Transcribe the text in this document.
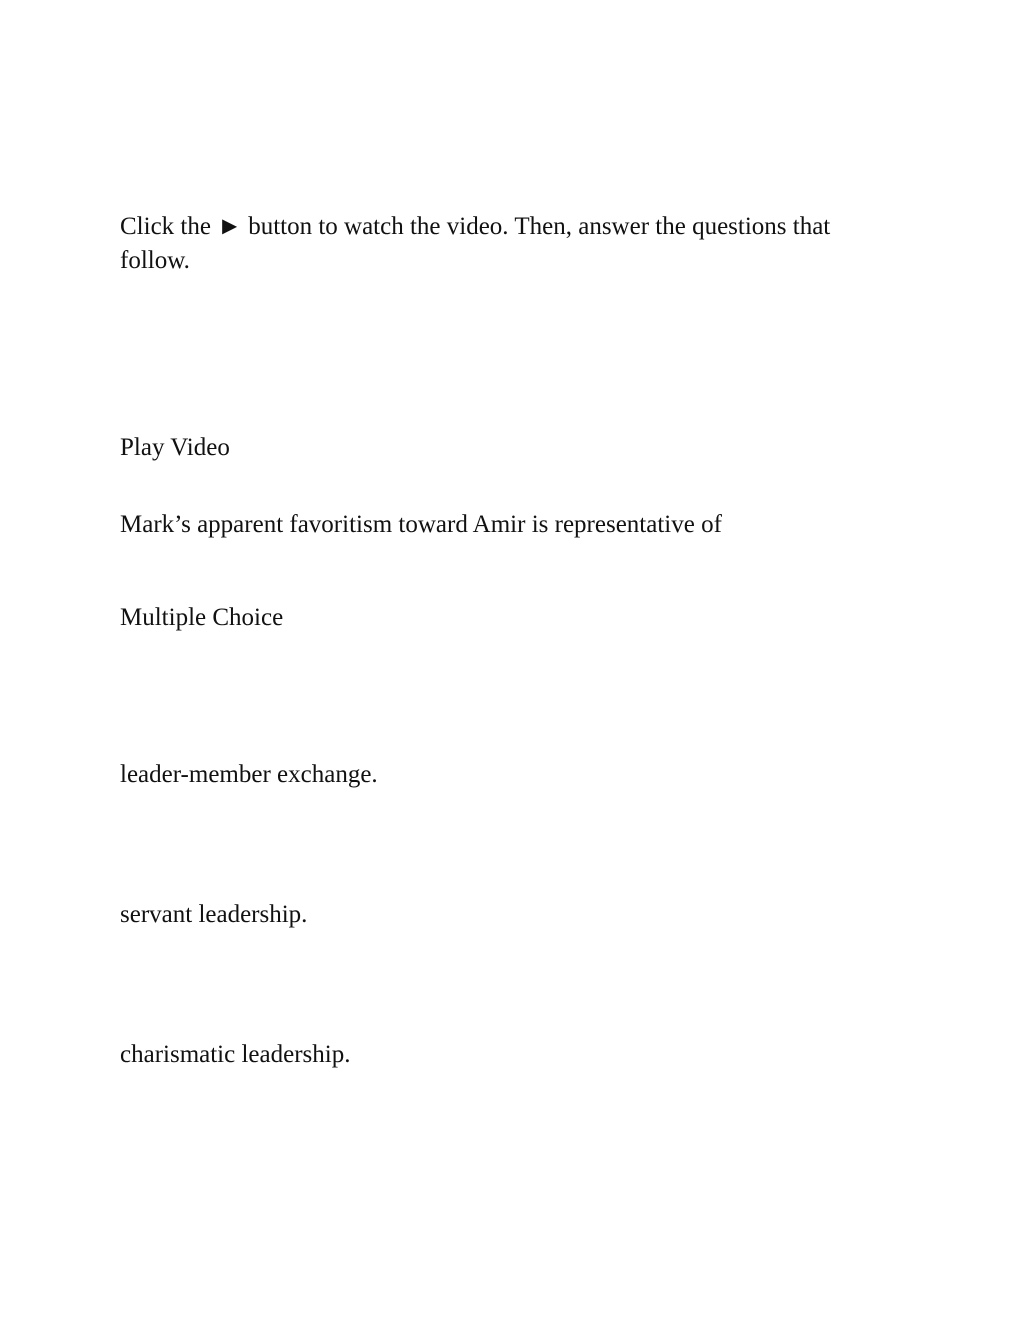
Click the ► button to watch the video. Then, answer the questions that follow.

Play Video

Mark’s apparent favoritism toward Amir is representative of

Multiple Choice
leader-member exchange.
servant leadership.
charismatic leadership.
